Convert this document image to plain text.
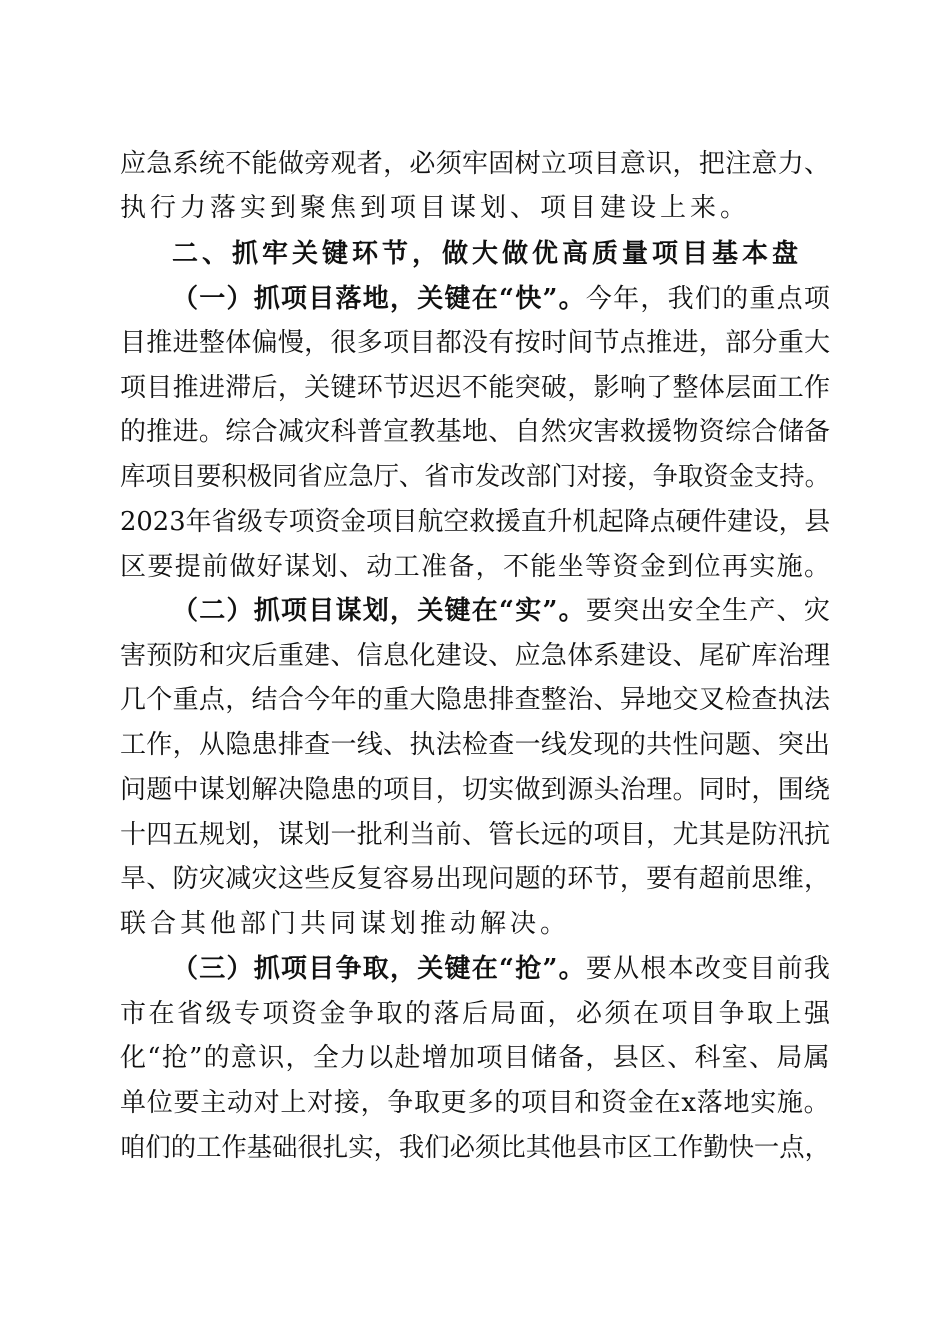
应急系统不能做旁观者，必须牢固树立项目意识，把注意力、
执行力落实到聚焦到项目谋划、项目建设上来。
二、抓牢关键环节，做大做优高质量项目基本盘
（一）抓项目落地，关键在“快”。今年，我们的重点项
目推进整体偏慢，很多项目都没有按时间节点推进，部分重大
项目推进滞后，关键环节迟迟不能突破，影响了整体层面工作
的推进。综合减灾科普宣教基地、自然灾害救援物资综合储备
库项目要积极同省应急厅、省市发改部门对接，争取资金支持。
2023年省级专项资金项目航空救援直升机起降点硬件建设，县
区要提前做好谋划、动工准备，不能坐等资金到位再实施。
（二）抓项目谋划，关键在“实”。要突出安全生产、灾
害预防和灾后重建、信息化建设、应急体系建设、尾矿库治理
几个重点，结合今年的重大隐患排查整治、异地交叉检查执法
工作，从隐患排查一线、执法检查一线发现的共性问题、突出
问题中谋划解决隐患的项目，切实做到源头治理。同时，围绕
十四五规划，谋划一批利当前、管长远的项目，尤其是防汛抗
旱、防灾减灾这些反复容易出现问题的环节，要有超前思维，
联合其他部门共同谋划推动解决。
（三）抓项目争取，关键在“抢”。要从根本改变目前我
市在省级专项资金争取的落后局面，必须在项目争取上强
化“抢”的意识，全力以赴增加项目储备，县区、科室、局属
单位要主动对上对接，争取更多的项目和资金在x落地实施。
咱们的工作基础很扎实，我们必须比其他县市区工作勤快一点，
